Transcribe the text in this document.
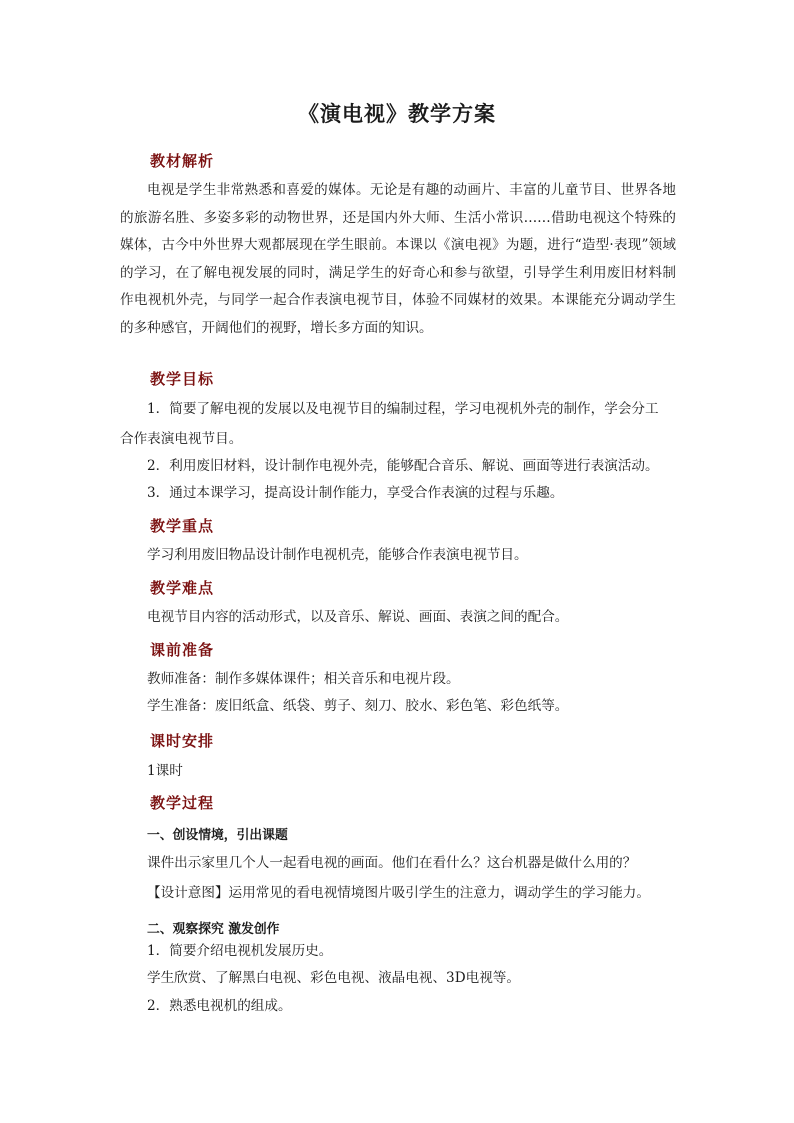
《演电视》教学方案
教材解析
电视是学生非常熟悉和喜爱的媒体。无论是有趣的动画片、丰富的儿童节目、世界各地的旅游名胜、多姿多彩的动物世界，还是国内外大师、生活小常识……借助电视这个特殊的媒体，古今中外世界大观都展现在学生眼前。本课以《演电视》为题，进行“造型·表现”领域的学习，在了解电视发展的同时，满足学生的好奇心和参与欲望，引导学生利用废旧材料制作电视机外壳，与同学一起合作表演电视节目，体验不同媒材的效果。本课能充分调动学生的多种感官，开阔他们的视野，增长多方面的知识。
教学目标
1．简要了解电视的发展以及电视节目的编制过程，学习电视机外壳的制作，学会分工
合作表演电视节目。
2．利用废旧材料，设计制作电视外壳，能够配合音乐、解说、画面等进行表演活动。
3．通过本课学习，提高设计制作能力，享受合作表演的过程与乐趣。
教学重点
学习利用废旧物品设计制作电视机壳，能够合作表演电视节目。
教学难点
电视节目内容的活动形式，以及音乐、解说、画面、表演之间的配合。
课前准备
教师准备：制作多媒体课件；相关音乐和电视片段。
学生准备：废旧纸盒、纸袋、剪子、刻刀、胶水、彩色笔、彩色纸等。
课时安排
1课时
教学过程
一、创设情境，引出课题
课件出示家里几个人一起看电视的画面。他们在看什么？这台机器是做什么用的？
【设计意图】运用常见的看电视情境图片吸引学生的注意力，调动学生的学习能力。
二、观察探究 激发创作
1．简要介绍电视机发展历史。
学生欣赏、了解黑白电视、彩色电视、液晶电视、3D电视等。
2．熟悉电视机的组成。
